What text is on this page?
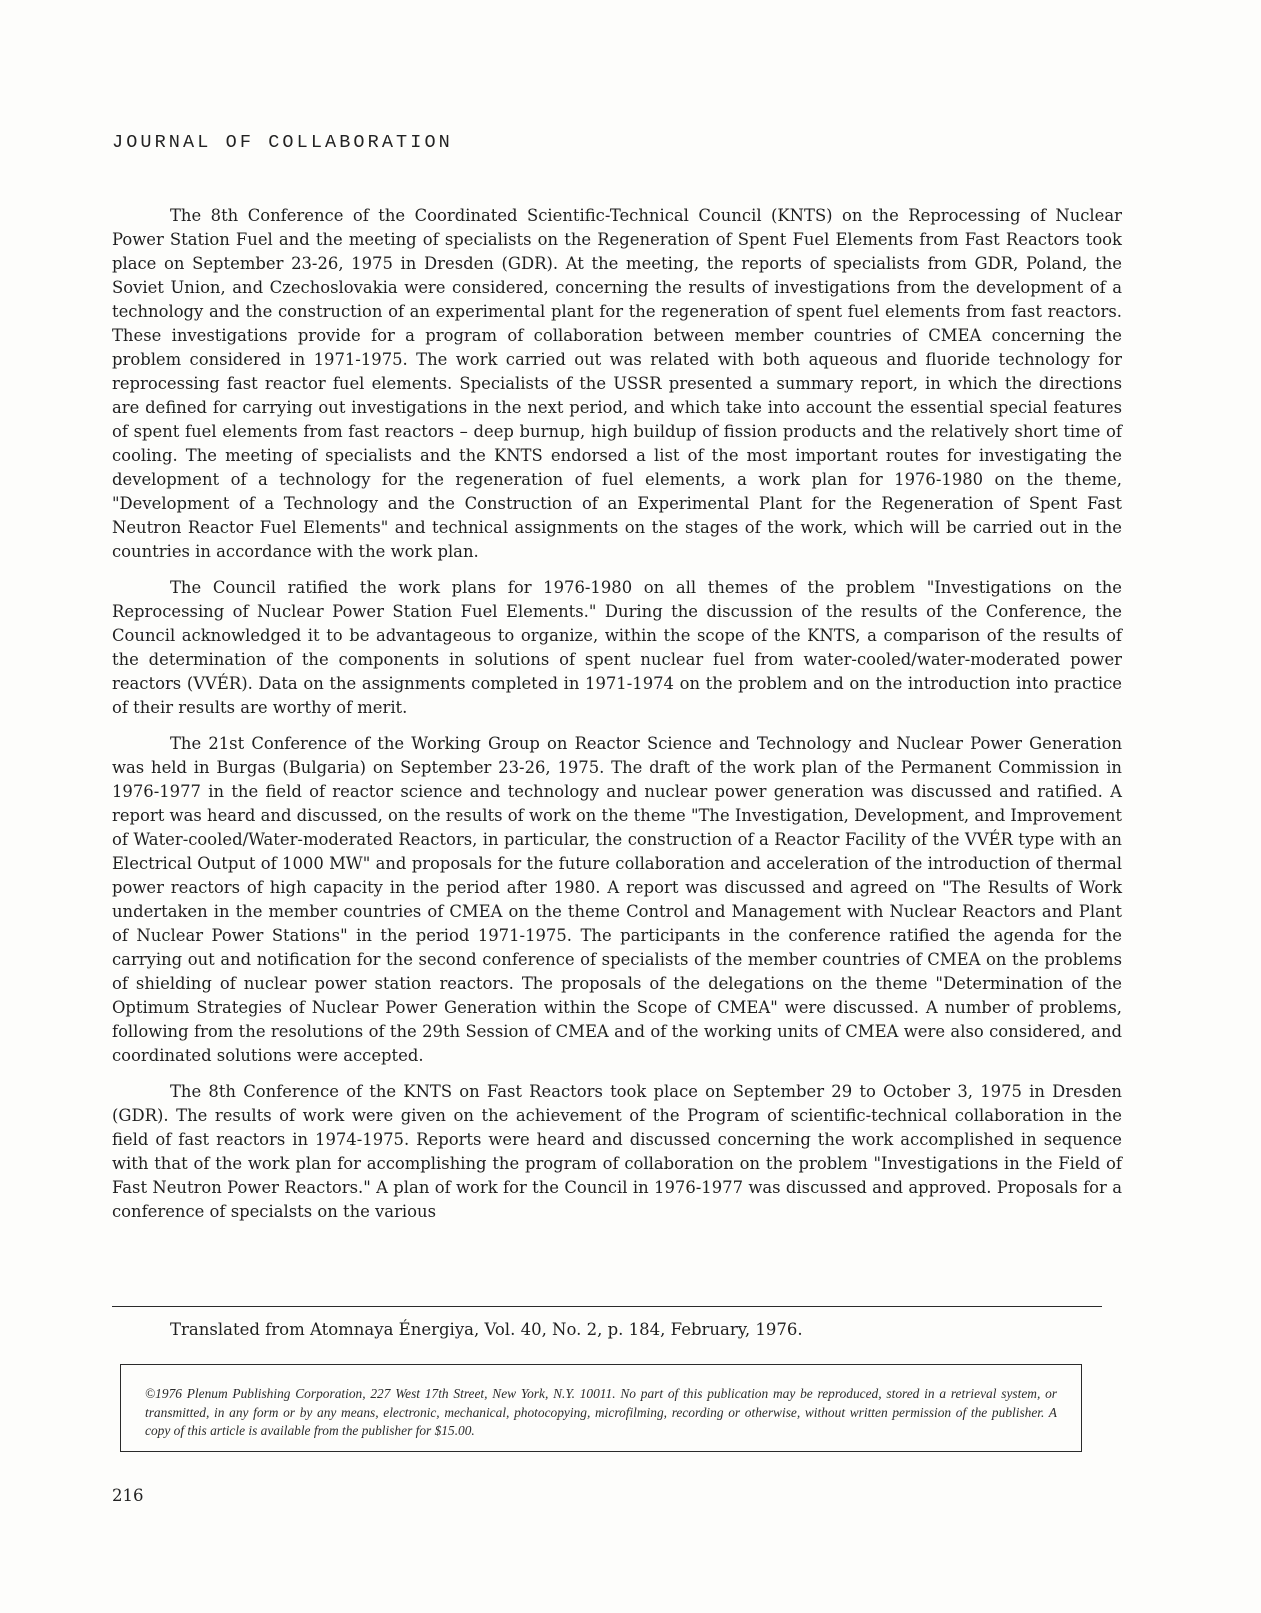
JOURNAL OF COLLABORATION

The 8th Conference of the Coordinated Scientific-Technical Council (KNTS) on the Reprocessing of Nuclear Power Station Fuel and the meeting of specialists on the Regeneration of Spent Fuel Elements from Fast Reactors took place on September 23-26, 1975 in Dresden (GDR). At the meeting, the reports of specialists from GDR, Poland, the Soviet Union, and Czechoslovakia were considered, concerning the results of investigations from the development of a technology and the construction of an experimental plant for the regeneration of spent fuel elements from fast reactors. These investigations provide for a program of collaboration between member countries of CMEA concerning the problem considered in 1971-1975. The work carried out was related with both aqueous and fluoride technology for reprocessing fast reactor fuel elements. Specialists of the USSR presented a summary report, in which the directions are defined for carrying out investigations in the next period, and which take into account the essential special features of spent fuel elements from fast reactors – deep burnup, high buildup of fission products and the relatively short time of cooling. The meeting of specialists and the KNTS endorsed a list of the most important routes for investigating the development of a technology for the regeneration of fuel elements, a work plan for 1976-1980 on the theme, "Development of a Technology and the Construction of an Experimental Plant for the Regeneration of Spent Fast Neutron Reactor Fuel Elements" and technical assignments on the stages of the work, which will be carried out in the countries in accordance with the work plan.

The Council ratified the work plans for 1976-1980 on all themes of the problem "Investigations on the Reprocessing of Nuclear Power Station Fuel Elements." During the discussion of the results of the Conference, the Council acknowledged it to be advantageous to organize, within the scope of the KNTS, a comparison of the results of the determination of the components in solutions of spent nuclear fuel from water-cooled/water-moderated power reactors (VVÉR). Data on the assignments completed in 1971-1974 on the problem and on the introduction into practice of their results are worthy of merit.

The 21st Conference of the Working Group on Reactor Science and Technology and Nuclear Power Generation was held in Burgas (Bulgaria) on September 23-26, 1975. The draft of the work plan of the Permanent Commission in 1976-1977 in the field of reactor science and technology and nuclear power generation was discussed and ratified. A report was heard and discussed, on the results of work on the theme "The Investigation, Development, and Improvement of Water-cooled/Water-moderated Reactors, in particular, the construction of a Reactor Facility of the VVÉR type with an Electrical Output of 1000 MW" and proposals for the future collaboration and acceleration of the introduction of thermal power reactors of high capacity in the period after 1980. A report was discussed and agreed on "The Results of Work undertaken in the member countries of CMEA on the theme Control and Management with Nuclear Reactors and Plant of Nuclear Power Stations" in the period 1971-1975. The participants in the conference ratified the agenda for the carrying out and notification for the second conference of specialists of the member countries of CMEA on the problems of shielding of nuclear power station reactors. The proposals of the delegations on the theme "Determination of the Optimum Strategies of Nuclear Power Generation within the Scope of CMEA" were discussed. A number of problems, following from the resolutions of the 29th Session of CMEA and of the working units of CMEA were also considered, and coordinated solutions were accepted.

The 8th Conference of the KNTS on Fast Reactors took place on September 29 to October 3, 1975 in Dresden (GDR). The results of work were given on the achievement of the Program of scientific-technical collaboration in the field of fast reactors in 1974-1975. Reports were heard and discussed concerning the work accomplished in sequence with that of the work plan for accomplishing the program of collaboration on the problem "Investigations in the Field of Fast Neutron Power Reactors." A plan of work for the Council in 1976-1977 was discussed and approved. Proposals for a conference of specialsts on the various

Translated from Atomnaya Énergiya, Vol. 40, No. 2, p. 184, February, 1976.
©1976 Plenum Publishing Corporation, 227 West 17th Street, New York, N.Y. 10011. No part of this publication may be reproduced, stored in a retrieval system, or transmitted, in any form or by any means, electronic, mechanical, photocopying, microfilming, recording or otherwise, without written permission of the publisher. A copy of this article is available from the publisher for $15.00.
216
